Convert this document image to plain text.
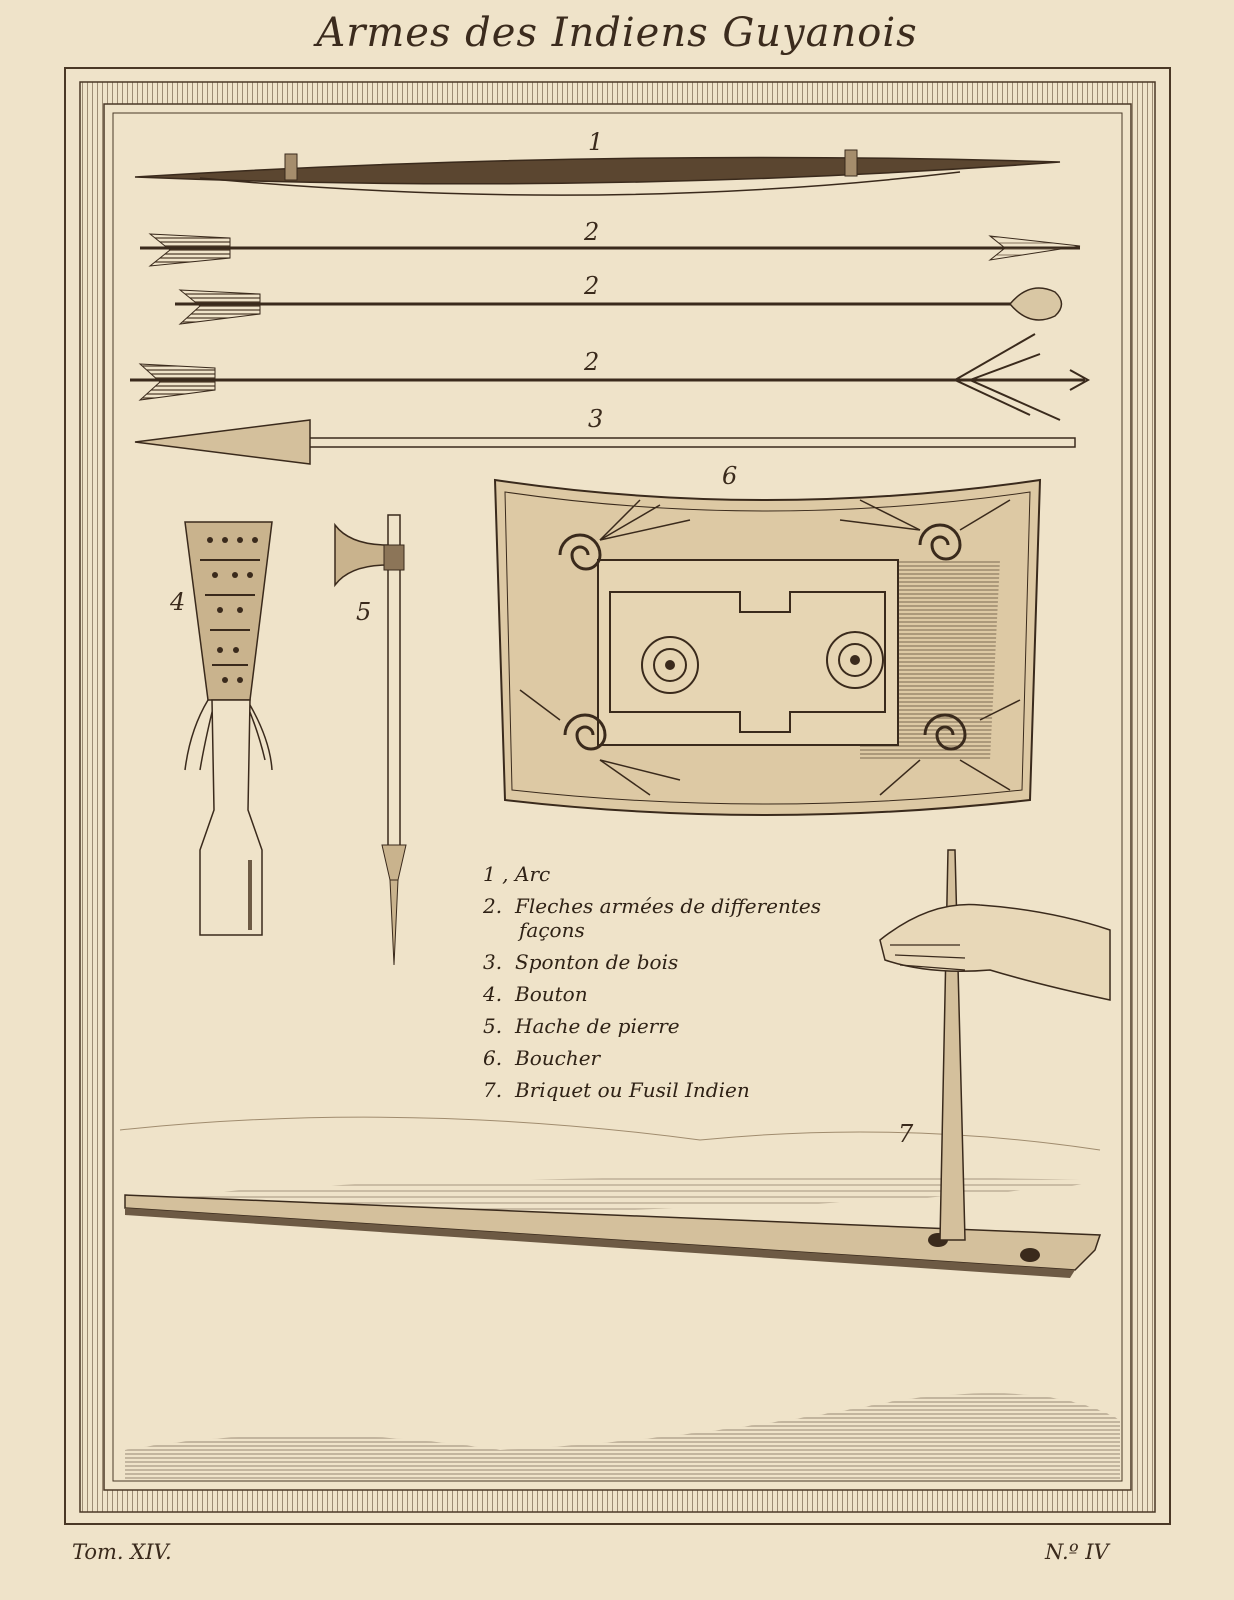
Armes des Indiens Guyanois
1
2
2
2
3
4	5
6
7
1 , Arc
2. Fleches armées de differentes
façons
3. Sponton de bois
4. Bouton
5. Hache de pierre
6. Boucher
7. Briquet ou Fusil Indien
Tom. XIV.	N.º IV
